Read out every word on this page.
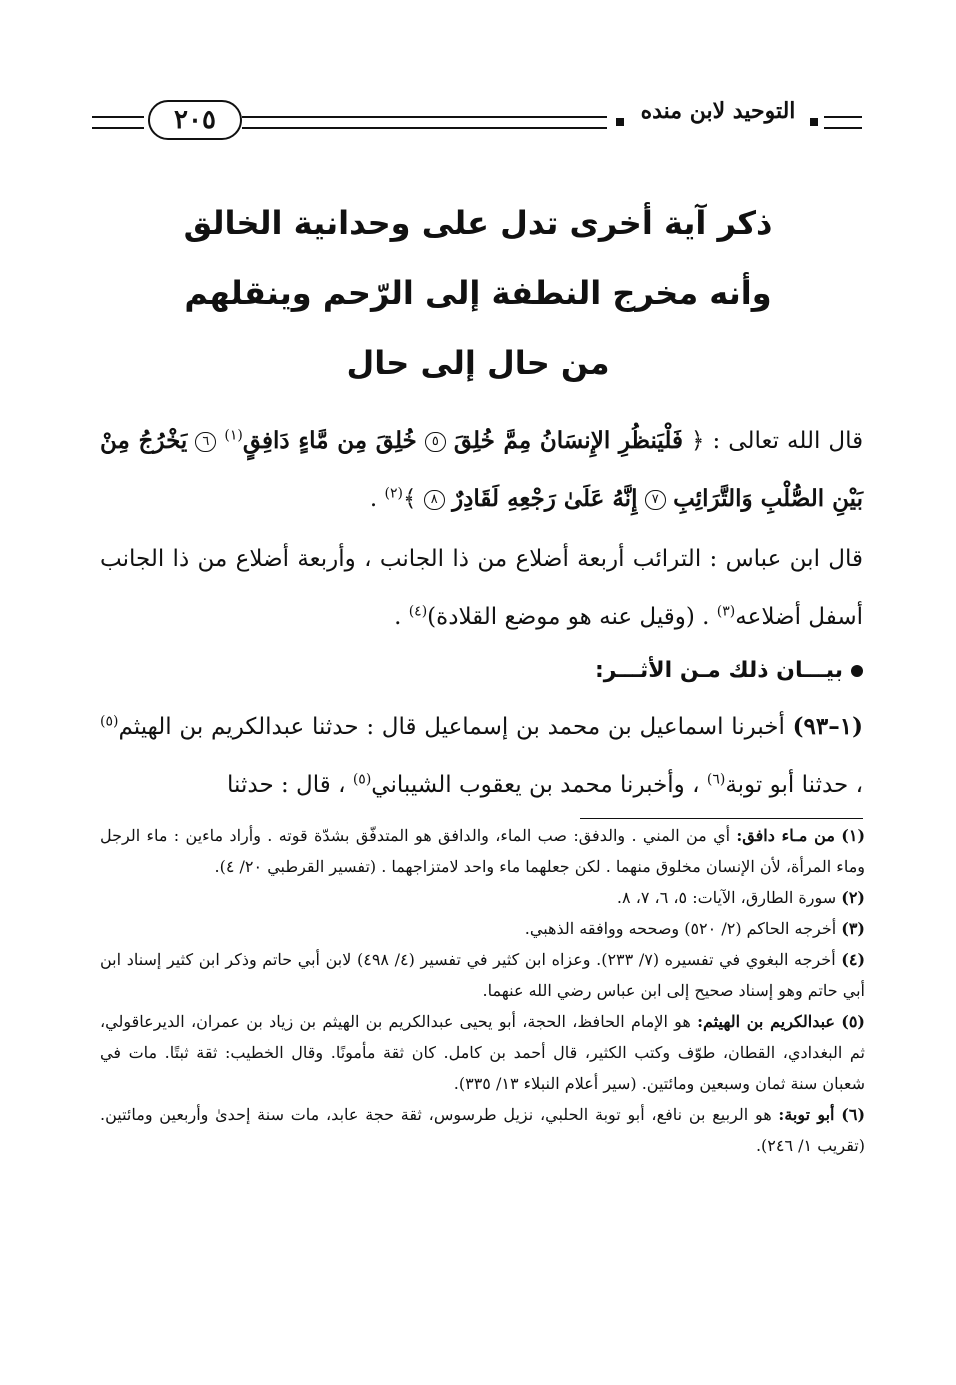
٢٠٥	التوحيد لابن منده
ذكر آية أخرى تدل على وحدانية الخالق
وأنه مخرج النطفة إلى الرّحم وينقلهم
من حال إلى حال
قال الله تعالى : ﴿ فَلْيَنظُرِ الإِنسَانُ مِمَّ خُلِقَ ٥ خُلِقَ مِن مَّاءٍ دَافِقٍ$^{(١)}$ ٦ يَخْرُجُ مِنْ بَيْنِ الصُّلْبِ وَالتَّرَائِبِ ٧ إِنَّهُ عَلَىٰ رَجْعِهِ لَقَادِرٌ ٨ ﴾$^{(٢)}$ .
قال ابن عباس : الترائب أربعة أضلاع من ذا الجانب ، وأربعة أضلاع من ذا الجانب أسفل أضلاعه$^{(٣)}$ . (وقيل عنه هو موضع القلادة)$^{(٤)}$ .
بيـــان ذلك مـن الأثـــر:
(١–٩٣) أخبرنا اسماعيل بن محمد بن إسماعيل قال : حدثنا عبدالكريم بن الهيثم$^{(٥)}$ ، حدثنا أبو توبة$^{(٦)}$ ، وأخبرنا محمد بن يعقوب الشيباني$^{(٥)}$ ، قال : حدثنا
(١) من مـاء دافق: أي من المني . والدفق: صب الماء، والدافق هو المتدفّق بشدّة قوته . وأراد ماءين : ماء الرجل وماء المرأة، لأن الإنسان مخلوق منهما . لكن جعلهما ماء واحد لامتزاجهما . (تفسير القرطبي ٢٠/ ٤).
(٢) سورة الطارق، الآيات: ٥، ٦، ٧، ٨.
(٣) أخرجه الحاكم (٢/ ٥٢٠) وصححه ووافقه الذهبي.
(٤) أخرجه البغوي في تفسيره (٧/ ٢٣٣). وعزاه ابن كثير في تفسير (٤/ ٤٩٨) لابن أبي حاتم وذكر ابن كثير إسناد ابن أبي حاتم وهو إسناد صحيح إلى ابن عباس رضي الله عنهما.
(٥) عبدالكريم بن الهيثم: هو الإمام الحافظ، الحجة، أبو يحيى عبدالكريم بن الهيثم بن زياد بن عمران، الديرعاقولي، ثم البغدادي، القطان، طوّف وكتب الكثير، قال أحمد بن كامل. كان ثقة مأمونًا. وقال الخطيب: ثقة ثبتًا. مات في شعبان سنة ثمان وسبعين ومائتين. (سير أعلام النبلاء ١٣/ ٣٣٥).
(٦) أبو توبة: هو الربيع بن نافع، أبو توبة الحلبي، نزيل طرسوس، ثقة حجة عابد، مات سنة إحدىٰ وأربعين ومائتين. (تقريب ١/ ٢٤٦).
